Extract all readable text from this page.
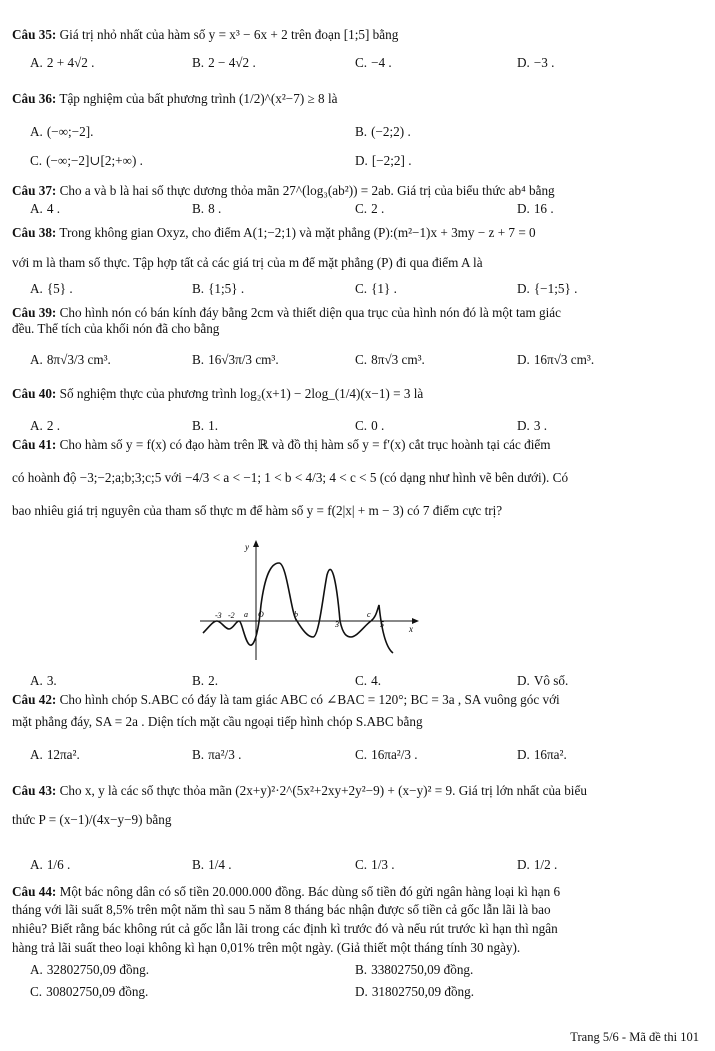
Câu 35: Giá trị nhỏ nhất của hàm số y = x³ − 6x + 2 trên đoạn [1;5] bằng
A. 2 + 4√2 .	B. 2 − 4√2 .	C. −4 .	D. −3 .
Câu 36: Tập nghiệm của bất phương trình (1/2)^(x²−7) ≥ 8 là
A. (−∞;−2].	B. (−2;2) .
C. (−∞;−2]∪[2;+∞) .	D. [−2;2] .
Câu 37: Cho a và b là hai số thực dương thỏa mãn 27^(log₃(ab²)) = 2ab. Giá trị của biểu thức ab⁴ bằng
A. 4 .	B. 8 .	C. 2 .	D. 16 .
Câu 38: Trong không gian Oxyz, cho điểm A(1;−2;1) và mặt phẳng (P):(m²−1)x + 3my − z + 7 = 0
với m là tham số thực. Tập hợp tất cả các giá trị của m để mặt phẳng (P) đi qua điểm A là
A. {5} .	B. {1;5} .	C. {1} .	D. {−1;5} .
Câu 39: Cho hình nón có bán kính đáy bằng 2cm và thiết diện qua trục của hình nón đó là một tam giác
đều. Thể tích của khối nón đã cho bằng
A. 8π√3/3 cm³.	B. 16√3π/3 cm³.	C. 8π√3 cm³.	D. 16π√3 cm³.
Câu 40: Số nghiệm thực của phương trình log₂(x+1) − 2log_(1/4)(x−1) = 3 là
A. 2 .	B. 1.	C. 0 .	D. 3 .
Câu 41: Cho hàm số y = f(x) có đạo hàm trên ℝ và đồ thị hàm số y = f′(x) cắt trục hoành tại các điểm
có hoành độ −3;−2;a;b;3;c;5 với −4/3 < a < −1; 1 < b < 4/3; 4 < c < 5 (có dạng như hình vẽ bên dưới). Có
bao nhiêu giá trị nguyên của tham số thực m để hàm số y = f(2|x| + m − 3) có 7 điểm cực trị?
y
x
O
-3 -2 a	b
3
c
5
A. 3.	B. 2.	C. 4.	D. Vô số.
Câu 42: Cho hình chóp S.ABC có đáy là tam giác ABC có ∠BAC = 120°; BC = 3a , SA vuông góc với
mặt phẳng đáy, SA = 2a . Diện tích mặt cầu ngoại tiếp hình chóp S.ABC bằng
A. 12πa².	B. πa²/3 .	C. 16πa²/3 .	D. 16πa².
Câu 43: Cho x, y là các số thực thỏa mãn (2x+y)²·2^(5x²+2xy+2y²−9) + (x−y)² = 9. Giá trị lớn nhất của biểu
thức P = (x−1)/(4x−y−9) bằng
A. 1/6 .	B. 1/4 .	C. 1/3 .	D. 1/2 .
Câu 44: Một bác nông dân có số tiền 20.000.000 đồng. Bác dùng số tiền đó gửi ngân hàng loại kì hạn 6
tháng với lãi suất 8,5% trên một năm thì sau 5 năm 8 tháng bác nhận được số tiền cả gốc lẫn lãi là bao
nhiêu? Biết rằng bác không rút cả gốc lẫn lãi trong các định kì trước đó và nếu rút trước kì hạn thì ngân
hàng trả lãi suất theo loại không kì hạn 0,01% trên một ngày. (Giả thiết một tháng tính 30 ngày).
A. 32802750,09 đồng.	B. 33802750,09 đồng.
C. 30802750,09 đồng.	D. 31802750,09 đồng.
Trang 5/6 - Mã đề thi 101
